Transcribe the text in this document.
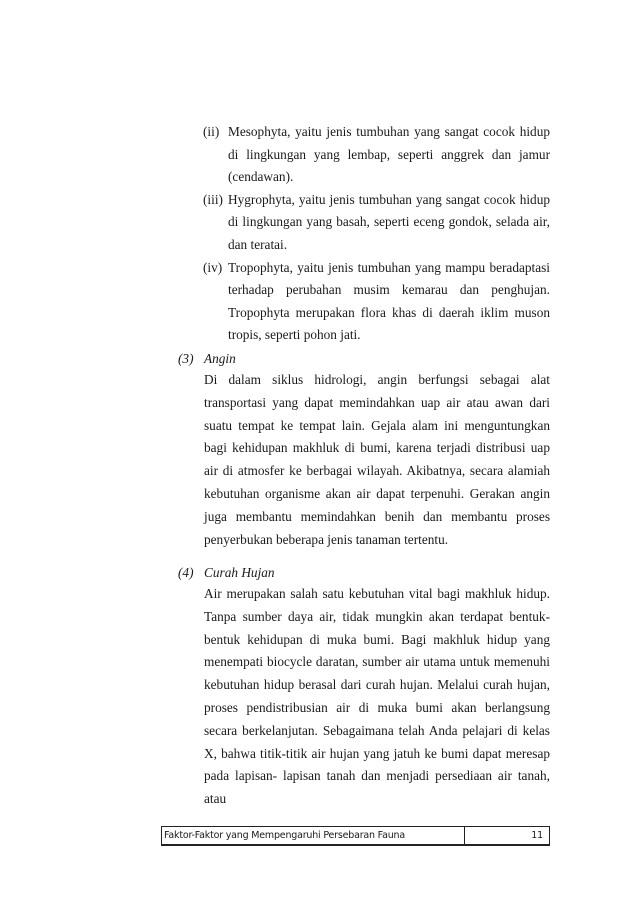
(ii) Mesophyta, yaitu jenis tumbuhan yang sangat cocok hidup di lingkungan yang lembap, seperti anggrek dan jamur (cendawan).
(iii) Hygrophyta, yaitu jenis tumbuhan yang sangat cocok hidup di lingkungan yang basah, seperti eceng gondok, selada air, dan teratai.
(iv) Tropophyta, yaitu jenis tumbuhan yang mampu beradaptasi terhadap perubahan musim kemarau dan penghujan. Tropophyta merupakan flora khas di daerah iklim muson tropis, seperti pohon jati.
(3) Angin
Di dalam siklus hidrologi, angin berfungsi sebagai alat transportasi yang dapat memindahkan uap air atau awan dari suatu tempat ke tempat lain. Gejala alam ini menguntungkan bagi kehidupan makhluk di bumi, karena terjadi distribusi uap air di atmosfer ke berbagai wilayah. Akibatnya, secara alamiah kebutuhan organisme akan air dapat terpenuhi. Gerakan angin juga membantu memindahkan benih dan membantu proses penyerbukan beberapa jenis tanaman tertentu.
(4) Curah Hujan
Air merupakan salah satu kebutuhan vital bagi makhluk hidup. Tanpa sumber daya air, tidak mungkin akan terdapat bentuk-bentuk kehidupan di muka bumi. Bagi makhluk hidup yang menempati biocycle daratan, sumber air utama untuk memenuhi kebutuhan hidup berasal dari curah hujan. Melalui curah hujan, proses pendistribusian air di muka bumi akan berlangsung secara berkelanjutan. Sebagaimana telah Anda pelajari di kelas X, bahwa titik-titik air hujan yang jatuh ke bumi dapat meresap pada lapisan- lapisan tanah dan menjadi persediaan air tanah, atau
Faktor-Faktor yang Mempengaruhi Persebaran Fauna	11
